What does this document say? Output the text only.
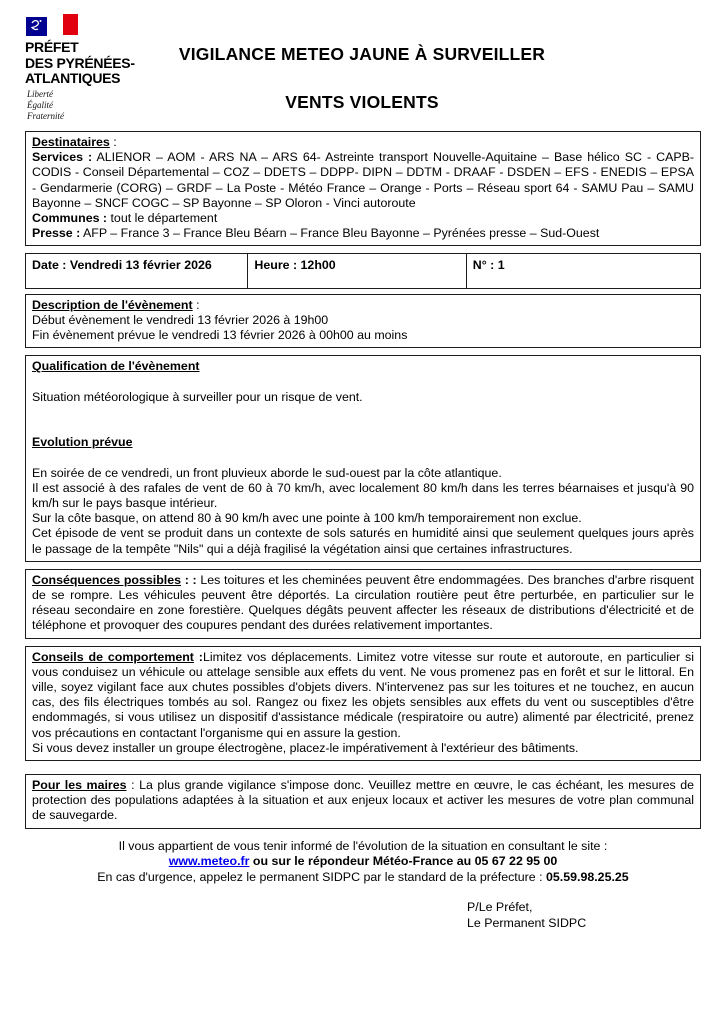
PRÉFET
DES PYRÉNÉES-
ATLANTIQUES
Liberté
Égalité
Fraternité
VIGILANCE METEO JAUNE À SURVEILLER
VENTS VIOLENTS
Destinataires :

Services : ALIENOR – AOM - ARS NA – ARS 64- Astreinte transport Nouvelle-Aquitaine – Base hélico SC - CAPB-CODIS - Conseil Départemental – COZ – DDETS – DDPP- DIPN – DDTM - DRAAF - DSDEN – EFS - ENEDIS – EPSA - Gendarmerie (CORG) – GRDF – La Poste - Météo France – Orange - Ports – Réseau sport 64 - SAMU Pau – SAMU Bayonne – SNCF COGC – SP Bayonne – SP Oloron - Vinci autoroute

Communes : tout le département

Presse : AFP – France 3 – France Bleu Béarn – France Bleu Bayonne – Pyrénées presse – Sud-Ouest

Date : Vendredi 13 février 2026	Heure : 12h00	N° : 1
Description de l'évènement :

Début évènement le vendredi 13 février 2026 à 19h00

Fin évènement prévue le vendredi 13 février 2026 à 00h00 au moins

Qualification de l'évènement

Situation météorologique à surveiller pour un risque de vent.

Evolution prévue

En soirée de ce vendredi, un front pluvieux aborde le sud-ouest par la côte atlantique.

Il est associé à des rafales de vent de 60 à 70 km/h, avec localement 80 km/h dans les terres béarnaises et jusqu'à 90 km/h sur le pays basque intérieur.

Sur la côte basque, on attend 80 à 90 km/h avec une pointe à 100 km/h temporairement non exclue.

Cet épisode de vent se produit dans un contexte de sols saturés en humidité ainsi que seulement quelques jours après le passage de la tempête "Nils" qui a déjà fragilisé la végétation ainsi que certaines infrastructures.

Conséquences possibles : : Les toitures et les cheminées peuvent être endommagées. Des branches d'arbre risquent de se rompre. Les véhicules peuvent être déportés. La circulation routière peut être perturbée, en particulier sur le réseau secondaire en zone forestière. Quelques dégâts peuvent affecter les réseaux de distributions d'électricité et de téléphone et provoquer des coupures pendant des durées relativement importantes.

Conseils de comportement :Limitez vos déplacements. Limitez votre vitesse sur route et autoroute, en particulier si vous conduisez un véhicule ou attelage sensible aux effets du vent. Ne vous promenez pas en forêt et sur le littoral. En ville, soyez vigilant face aux chutes possibles d'objets divers. N'intervenez pas sur les toitures et ne touchez, en aucun cas, des fils électriques tombés au sol. Rangez ou fixez les objets sensibles aux effets du vent ou susceptibles d'être endommagés, si vous utilisez un dispositif d'assistance médicale (respiratoire ou autre) alimenté par électricité, prenez vos précautions en contactant l'organisme qui en assure la gestion.

Si vous devez installer un groupe électrogène, placez-le impérativement à l'extérieur des bâtiments.

Pour les maires : La plus grande vigilance s'impose donc. Veuillez mettre en œuvre, le cas échéant, les mesures de protection des populations adaptées à la situation et aux enjeux locaux et activer les mesures de votre plan communal de sauvegarde.

Il vous appartient de vous tenir informé de l'évolution de la situation en consultant le site :
www.meteo.fr ou sur le répondeur Météo-France au 05 67 22 95 00
En cas d'urgence, appelez le permanent SIDPC par le standard de la préfecture : 05.59.98.25.25
P/Le Préfet,
Le Permanent SIDPC
